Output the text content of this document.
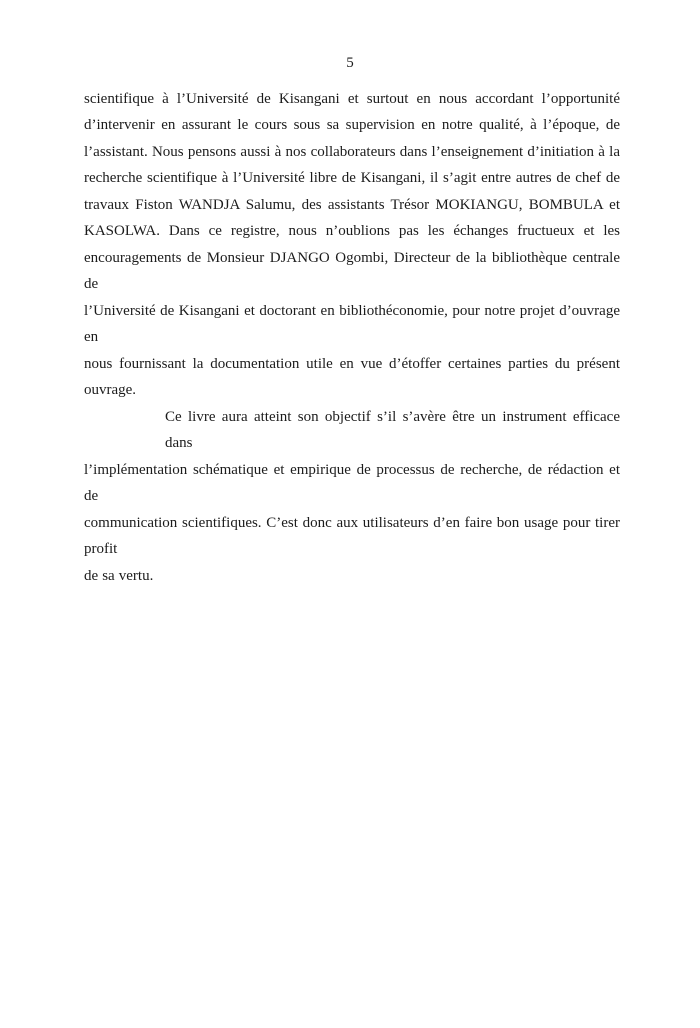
5

scientifique à l’Université de Kisangani et surtout en nous accordant l’opportunité
d’intervenir en assurant le cours sous sa supervision en notre qualité, à l’époque, de
l’assistant. Nous pensons aussi à nos collaborateurs dans l’enseignement d’initiation à la
recherche scientifique à l’Université libre de Kisangani, il s’agit entre autres de chef de
travaux Fiston WANDJA Salumu, des assistants Trésor MOKIANGU, BOMBULA et
KASOLWA. Dans ce registre, nous n’oublions pas les échanges fructueux et les
encouragements de Monsieur DJANGO Ogombi, Directeur de la bibliothèque centrale de
l’Université de Kisangani et doctorant en bibliothéconomie, pour notre projet d’ouvrage en
nous fournissant la documentation utile en vue d’étoffer certaines parties du présent ouvrage.

Ce livre aura atteint son objectif s’il s’avère être un instrument efficace dans
l’implémentation schématique et empirique de processus de recherche, de rédaction et de
communication scientifiques. C’est donc aux utilisateurs d’en faire bon usage pour tirer profit
de sa vertu.
